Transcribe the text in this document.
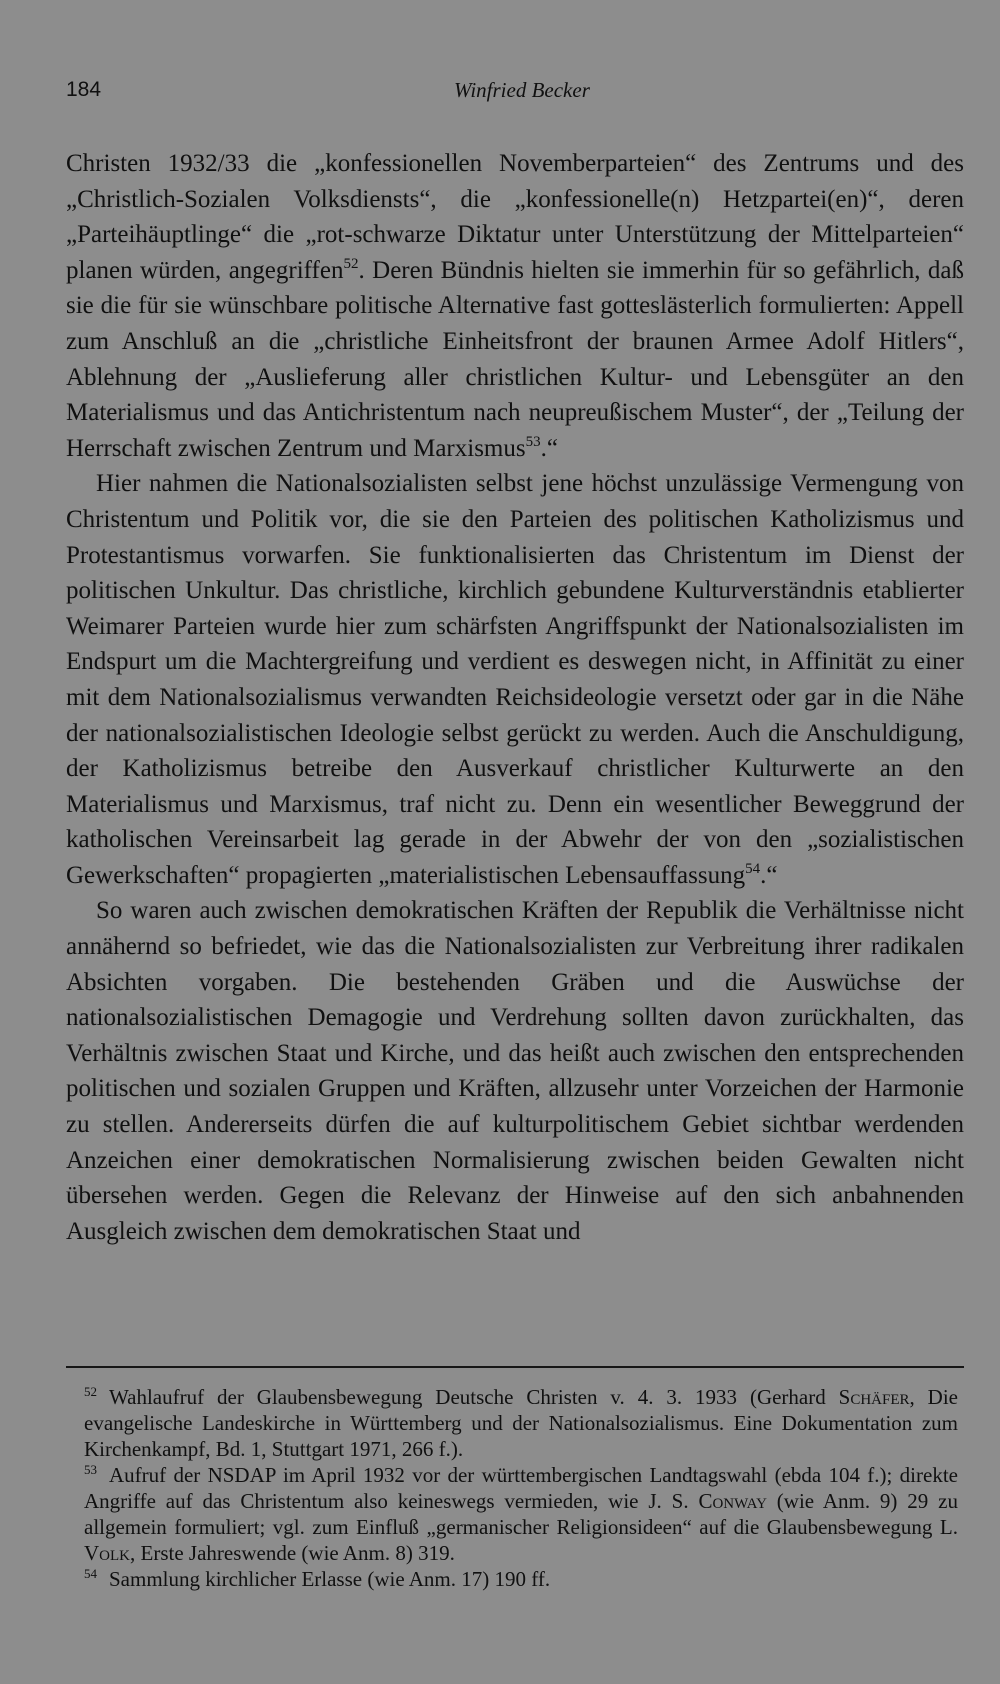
184	Winfried Becker

Christen 1932/33 die „konfessionellen Novemberparteien“ des Zentrums und des „Christlich-Sozialen Volksdiensts“, die „konfessionelle(n) Hetzpartei(en)“, deren „Parteihäuptlinge“ die „rot-schwarze Diktatur unter Unterstützung der Mittelparteien“ planen würden, angegriffen$^{52}$. Deren Bündnis hielten sie immerhin für so gefährlich, daß sie die für sie wünschbare politische Alternative fast gotteslästerlich formulierten: Appell zum Anschluß an die „christliche Einheitsfront der braunen Armee Adolf Hitlers“, Ablehnung der „Auslieferung aller christlichen Kultur- und Lebensgüter an den Materialismus und das Antichristentum nach neupreußischem Muster“, der „Teilung der Herrschaft zwischen Zentrum und Marxismus$^{53}$.“

Hier nahmen die Nationalsozialisten selbst jene höchst unzulässige Vermengung von Christentum und Politik vor, die sie den Parteien des politischen Katholizismus und Protestantismus vorwarfen. Sie funktionalisierten das Christentum im Dienst der politischen Unkultur. Das christliche, kirchlich gebundene Kulturverständnis etablierter Weimarer Parteien wurde hier zum schärfsten Angriffspunkt der Nationalsozialisten im Endspurt um die Machtergreifung und verdient es deswegen nicht, in Affinität zu einer mit dem Nationalsozialismus verwandten Reichsideologie versetzt oder gar in die Nähe der nationalsozialistischen Ideologie selbst gerückt zu werden. Auch die Anschuldigung, der Katholizismus betreibe den Ausverkauf christlicher Kulturwerte an den Materialismus und Marxismus, traf nicht zu. Denn ein wesentlicher Beweggrund der katholischen Vereinsarbeit lag gerade in der Abwehr der von den „sozialistischen Gewerkschaften“ propagierten „materialistischen Lebensauffassung$^{54}$.“

So waren auch zwischen demokratischen Kräften der Republik die Verhältnisse nicht annähernd so befriedet, wie das die Nationalsozialisten zur Verbreitung ihrer radikalen Absichten vorgaben. Die bestehenden Gräben und die Auswüchse der nationalsozialistischen Demagogie und Verdrehung sollten davon zurückhalten, das Verhältnis zwischen Staat und Kirche, und das heißt auch zwischen den entsprechenden politischen und sozialen Gruppen und Kräften, allzusehr unter Vorzeichen der Harmonie zu stellen. Andererseits dürfen die auf kulturpolitischem Gebiet sichtbar werdenden Anzeichen einer demokratischen Normalisierung zwischen beiden Gewalten nicht übersehen werden. Gegen die Relevanz der Hinweise auf den sich anbahnenden Ausgleich zwischen dem demokratischen Staat und

$^{52}$ Wahlaufruf der Glaubensbewegung Deutsche Christen v. 4. 3. 1933 (Gerhard Schäfer, Die evangelische Landeskirche in Württemberg und der Nationalsozialismus. Eine Dokumentation zum Kirchenkampf, Bd. 1, Stuttgart 1971, 266 f.).

$^{53}$ Aufruf der NSDAP im April 1932 vor der württembergischen Landtagswahl (ebda 104 f.); direkte Angriffe auf das Christentum also keineswegs vermieden, wie J. S. Conway (wie Anm. 9) 29 zu allgemein formuliert; vgl. zum Einfluß „germanischer Religionsideen“ auf die Glaubensbewegung L. Volk, Erste Jahreswende (wie Anm. 8) 319.

$^{54}$ Sammlung kirchlicher Erlasse (wie Anm. 17) 190 ff.
